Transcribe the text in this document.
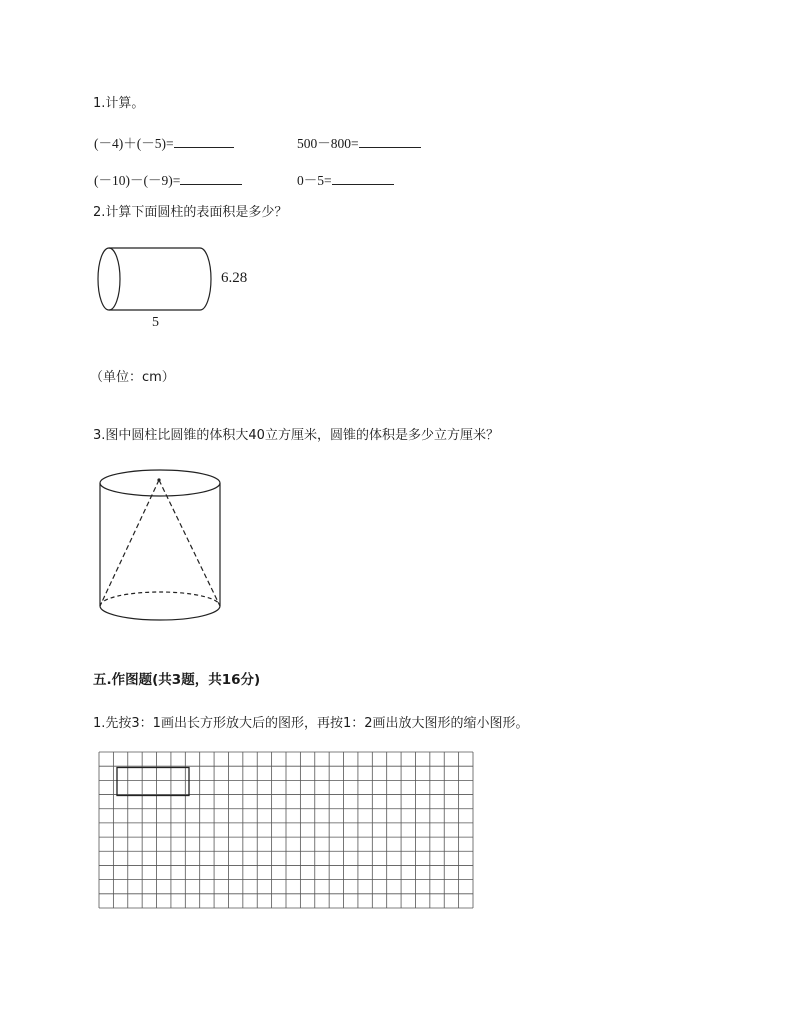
1.计算。
(－4)＋(－5)=	500－800=
(－10)－(－9)=	0－5=
2.计算下面圆柱的表面积是多少？
6.28
5
（单位：cm）
3.图中圆柱比圆锥的体积大40立方厘米，圆锥的体积是多少立方厘米？
五.作图题(共3题，共16分)
1.先按3：1画出长方形放大后的图形，再按1：2画出放大图形的缩小图形。
